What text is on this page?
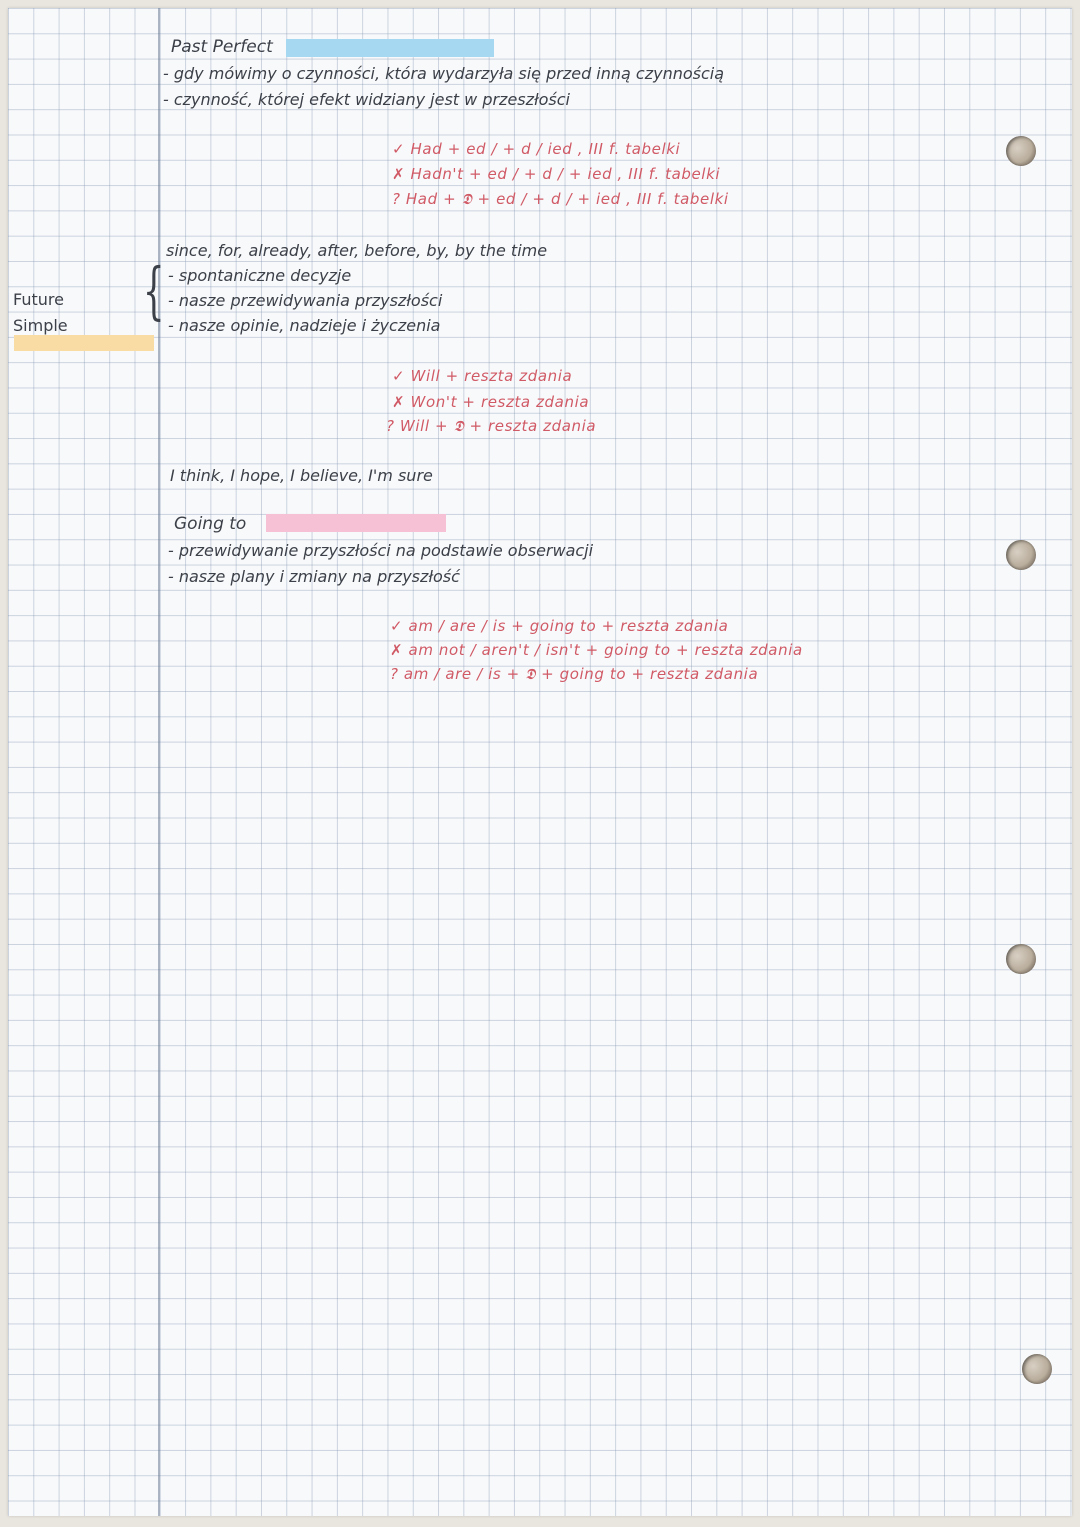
Past Perfect
- gdy mówimy o czynności, która wydarzyła się przed inną czynnością
- czynność, której efekt widziany jest w przeszłości
✓ Had + ed / + d / ied , III f. tabelki
✗ Hadn't + ed / + d / + ied , III f. tabelki
? Had + 𝕯 + ed / + d / + ied , III f. tabelki
since, for, already, after, before, by, by the time
Future
Simple { - spontaniczne decyzje
- nasze przewidywania przyszłości
- nasze opinie, nadzieje i życzenia
✓ Will + reszta zdania
✗ Won't + reszta zdania
? Will + 𝕯 + reszta zdania
I think, I hope, I believe, I'm sure
Going to
- przewidywanie przyszłości na podstawie obserwacji
- nasze plany i zmiany na przyszłość
✓ am / are / is + going to + reszta zdania
✗ am not / aren't / isn't + going to + reszta zdania
? am / are / is + 𝕯 + going to + reszta zdania
